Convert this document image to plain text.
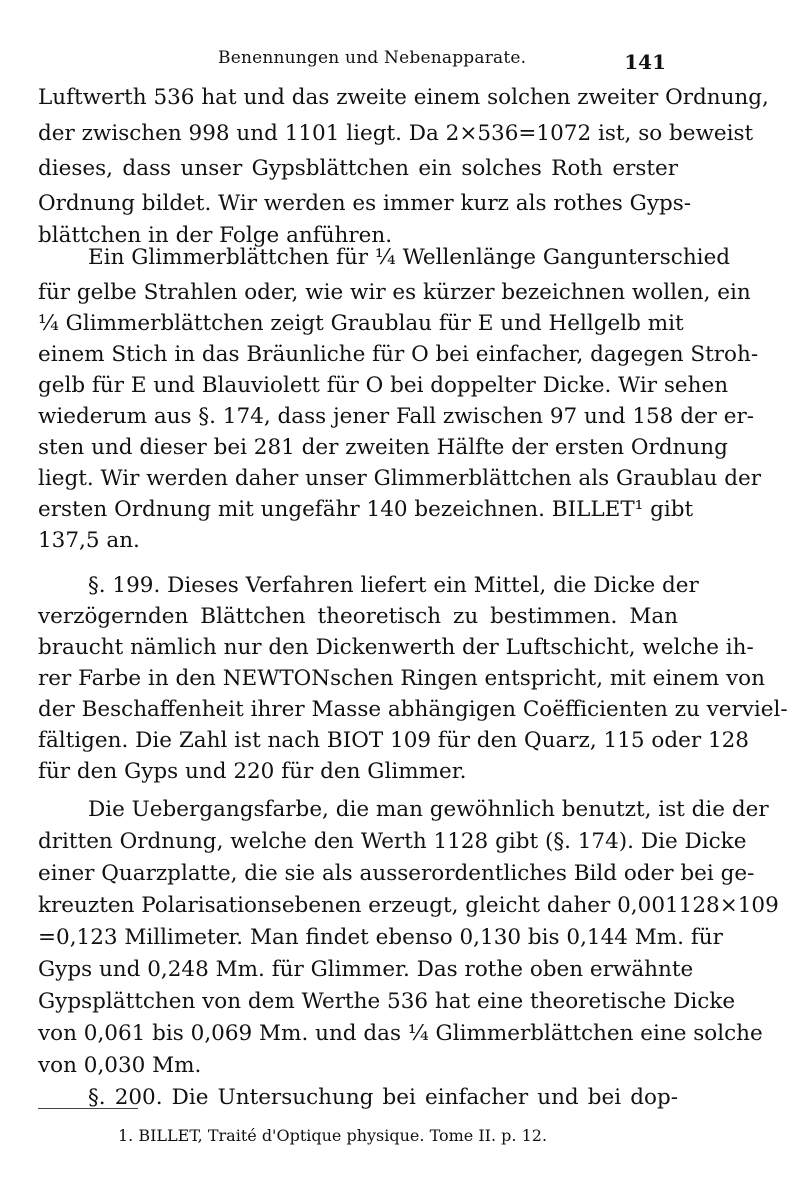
Benennungen und Nebenapparate.	141
Luftwerth 536 hat und das zweite einem solchen zweiter Ordnung,
der zwischen 998 und 1101 liegt. Da 2×536=1072 ist, so beweist
dieses, dass unser Gypsblättchen ein solches Roth erster
Ordnung bildet. Wir werden es immer kurz als rothes Gyps-
blättchen in der Folge anführen.
Ein Glimmerblättchen für ¼ Wellenlänge Gangunterschied
für gelbe Strahlen oder, wie wir es kürzer bezeichnen wollen, ein
¼ Glimmerblättchen zeigt Graublau für E und Hellgelb mit
einem Stich in das Bräunliche für O bei einfacher, dagegen Stroh-
gelb für E und Blauviolett für O bei doppelter Dicke. Wir sehen
wiederum aus §. 174, dass jener Fall zwischen 97 und 158 der er-
sten und dieser bei 281 der zweiten Hälfte der ersten Ordnung
liegt. Wir werden daher unser Glimmerblättchen als Graublau der
ersten Ordnung mit ungefähr 140 bezeichnen. BILLET¹ gibt
137,5 an.
§. 199. Dieses Verfahren liefert ein Mittel, die Dicke der
verzögernden Blättchen theoretisch zu bestimmen. Man
braucht nämlich nur den Dickenwerth der Luftschicht, welche ih-
rer Farbe in den NEWTONschen Ringen entspricht, mit einem von
der Beschaffenheit ihrer Masse abhängigen Coëfficienten zu verviel-
fältigen. Die Zahl ist nach BIOT 109 für den Quarz, 115 oder 128
für den Gyps und 220 für den Glimmer.
Die Uebergangsfarbe, die man gewöhnlich benutzt, ist die der
dritten Ordnung, welche den Werth 1128 gibt (§. 174). Die Dicke
einer Quarzplatte, die sie als ausserordentliches Bild oder bei ge-
kreuzten Polarisationsebenen erzeugt, gleicht daher 0,001128×109
=0,123 Millimeter. Man findet ebenso 0,130 bis 0,144 Mm. für
Gyps und 0,248 Mm. für Glimmer. Das rothe oben erwähnte
Gypsplättchen von dem Werthe 536 hat eine theoretische Dicke
von 0,061 bis 0,069 Mm. und das ¼ Glimmerblättchen eine solche
von 0,030 Mm.
§. 200. Die Untersuchung bei einfacher und bei dop-
1. BILLET, Traité d'Optique physique. Tome II. p. 12.
